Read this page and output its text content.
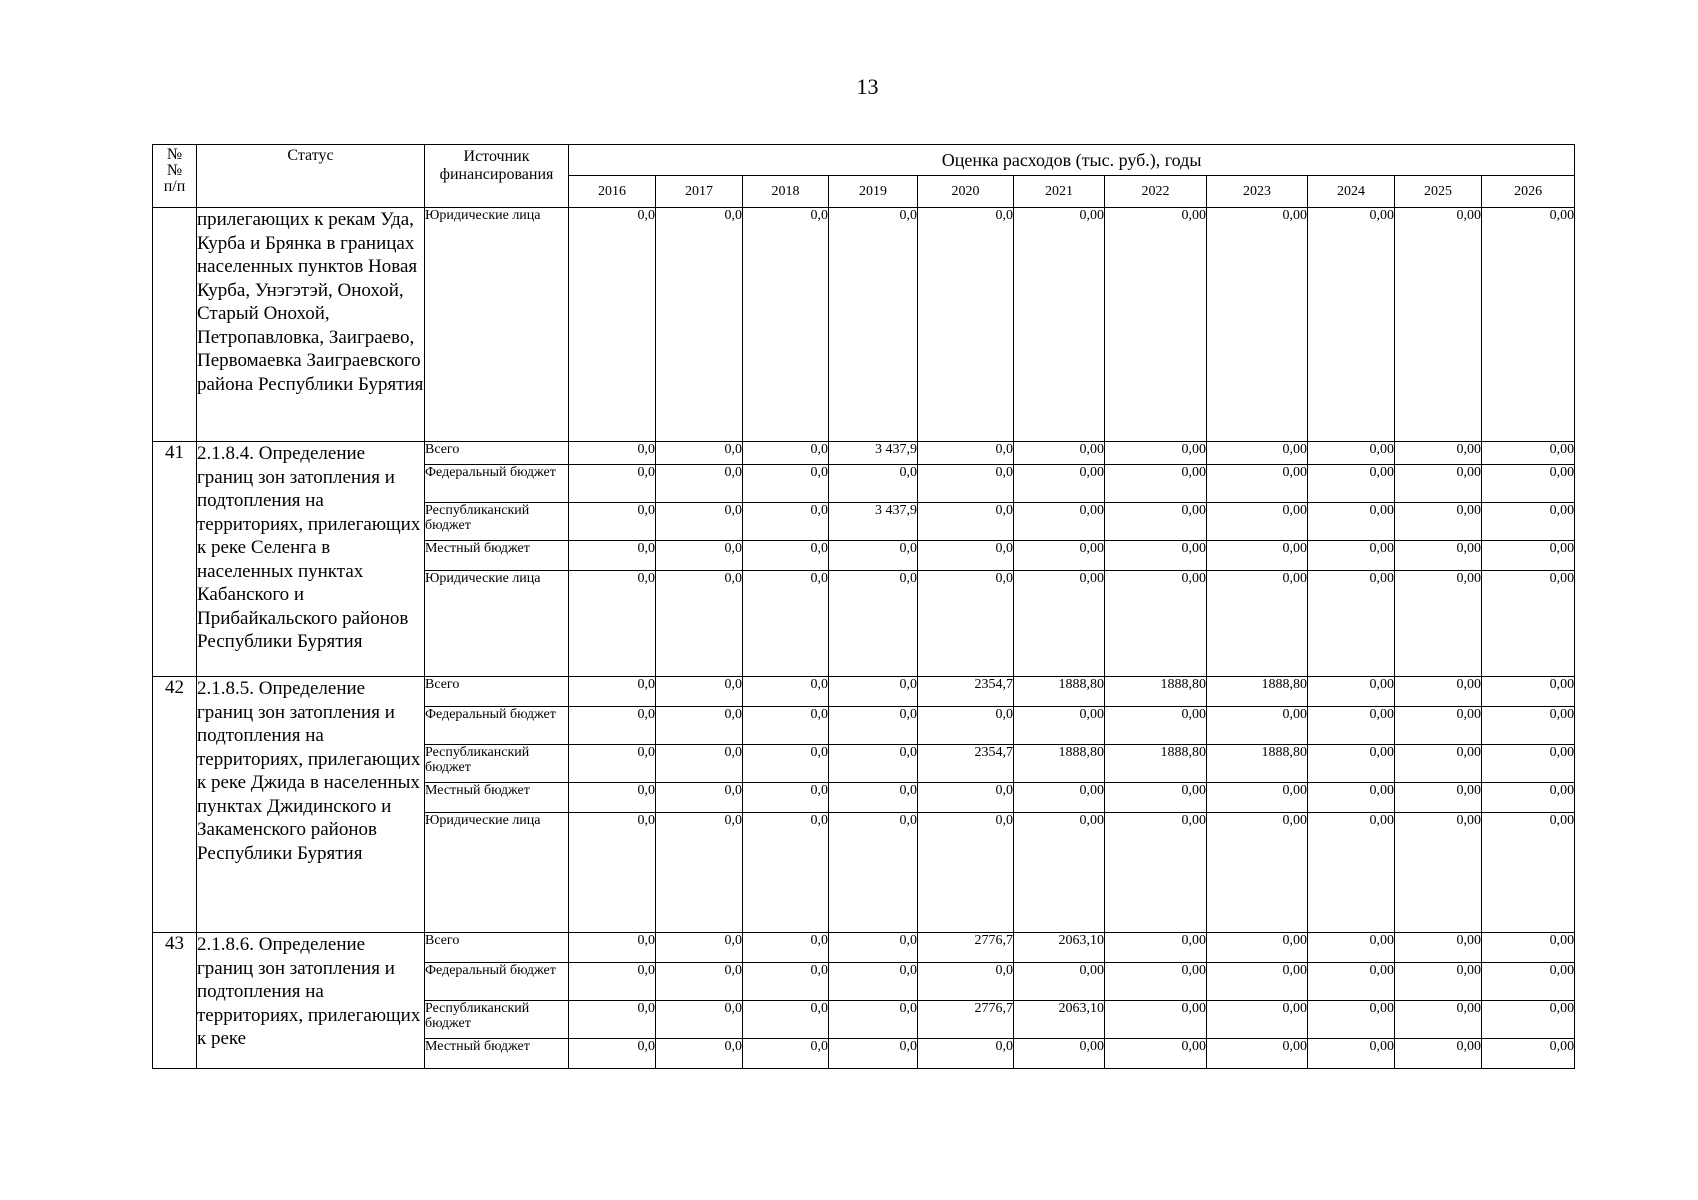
13
№
№
п/п	Статус	Источник финансирования	Оценка расходов (тыс. руб.), годы										
			2016	2017	2018	2019	2020	2021	2022	2023	2024	2025	2026
	прилегающих к рекам Уда, Курба и Брянка в границах населенных пунктов Новая Курба, Унэгэтэй, Онохой, Старый Онохой, Петропавловка, Заиграево, Первомаевка Заиграевского района Республики Бурятия	Юридические лица	0,0	0,0	0,0	0,0	0,0	0,00	0,00	0,00	0,00	0,00	0,00
41	2.1.8.4. Определение границ зон затопления и подтопления на территориях, прилегающих к реке Селенга в населенных пунктах Кабанского и Прибайкальского районов Республики Бурятия	Всего	0,0	0,0	0,0	3 437,9	0,0	0,00	0,00	0,00	0,00	0,00	0,00
		Федеральный бюджет	0,0	0,0	0,0	0,0	0,0	0,00	0,00	0,00	0,00	0,00	0,00
		Республиканский бюджет	0,0	0,0	0,0	3 437,9	0,0	0,00	0,00	0,00	0,00	0,00	0,00
		Местный бюджет	0,0	0,0	0,0	0,0	0,0	0,00	0,00	0,00	0,00	0,00	0,00
		Юридические лица	0,0	0,0	0,0	0,0	0,0	0,00	0,00	0,00	0,00	0,00	0,00
42	2.1.8.5. Определение границ зон затопления и подтопления на территориях, прилегающих к реке Джида в населенных пунктах Джидинского и Закаменского районов Республики Бурятия	Всего	0,0	0,0	0,0	0,0	2354,7	1888,80	1888,80	1888,80	0,00	0,00	0,00
		Федеральный бюджет	0,0	0,0	0,0	0,0	0,0	0,00	0,00	0,00	0,00	0,00	0,00
		Республиканский бюджет	0,0	0,0	0,0	0,0	2354,7	1888,80	1888,80	1888,80	0,00	0,00	0,00
		Местный бюджет	0,0	0,0	0,0	0,0	0,0	0,00	0,00	0,00	0,00	0,00	0,00
		Юридические лица	0,0	0,0	0,0	0,0	0,0	0,00	0,00	0,00	0,00	0,00	0,00
43	2.1.8.6. Определение границ зон затопления и подтопления на территориях, прилегающих к реке	Всего	0,0	0,0	0,0	0,0	2776,7	2063,10	0,00	0,00	0,00	0,00	0,00
		Федеральный бюджет	0,0	0,0	0,0	0,0	0,0	0,00	0,00	0,00	0,00	0,00	0,00
		Республиканский бюджет	0,0	0,0	0,0	0,0	2776,7	2063,10	0,00	0,00	0,00	0,00	0,00
		Местный бюджет	0,0	0,0	0,0	0,0	0,0	0,00	0,00	0,00	0,00	0,00	0,00
